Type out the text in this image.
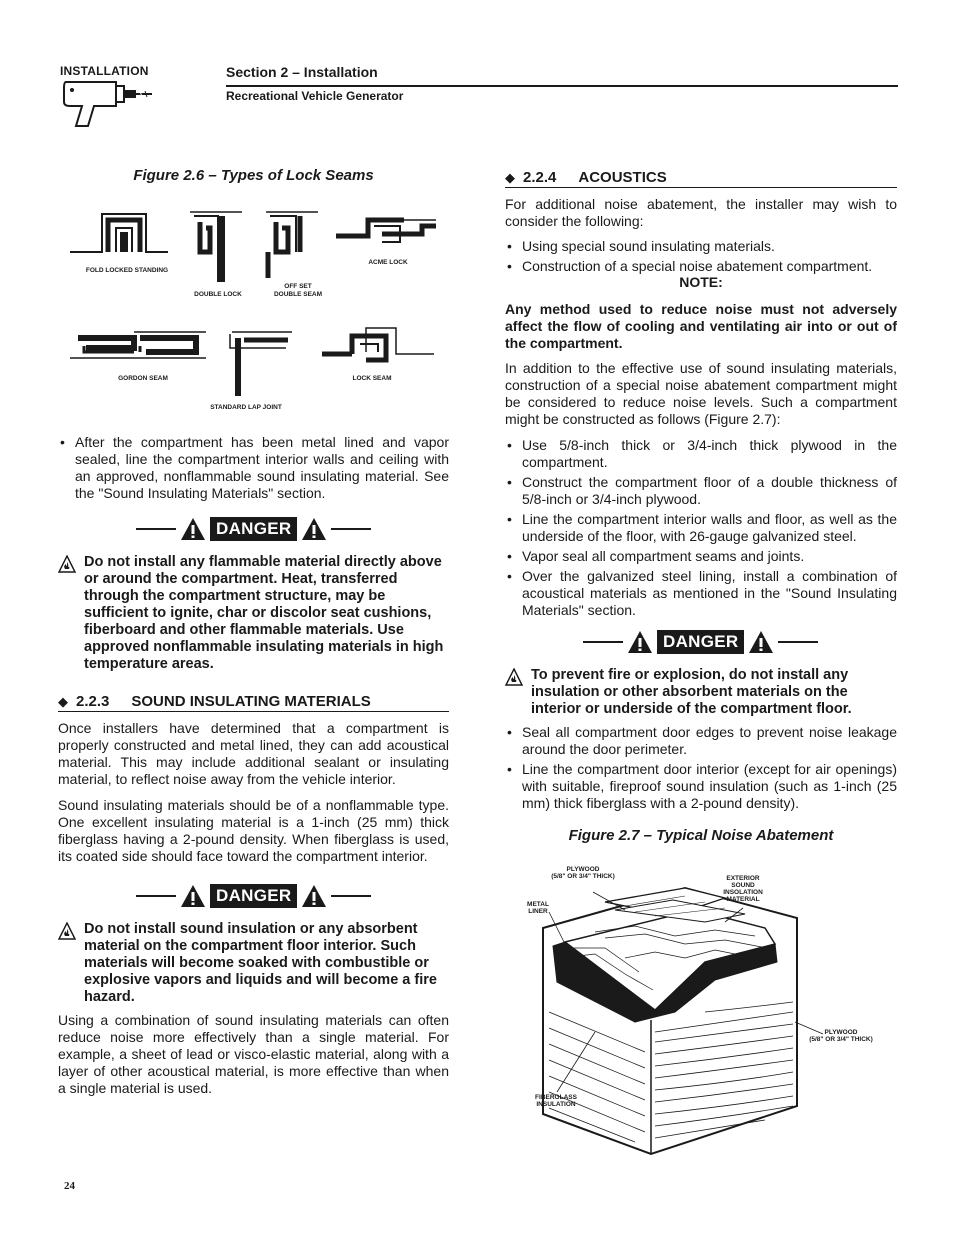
INSTALLATION	Section 2 – Installation
Recreational Vehicle Generator
Figure 2.6 – Types of Lock Seams
FOLD LOCKED STANDING
DOUBLE LOCK
OFF SET
DOUBLE SEAM
ACME LOCK
GORDON SEAM
STANDARD LAP JOINT
LOCK SEAM
• After the compartment has been metal lined and vapor sealed, line the compartment interior walls and ceiling with an approved, nonflammable sound insulating material. See the "Sound Insulating Materials" section.
DANGER
Do not install any flammable material directly above or around the compartment. Heat, transferred through the compartment structure, may be sufficient to ignite, char or discolor seat cushions, fiberboard and other flammable materials. Use approved nonflammable insulating materials in high temperature areas.
◆ 2.2.3 SOUND INSULATING MATERIALS

Once installers have determined that a compartment is properly constructed and metal lined, they can add acoustical material. This may include additional sealant or insulating material, to reflect noise away from the vehicle interior.

Sound insulating materials should be of a nonflammable type. One excellent insulating material is a 1-inch (25 mm) thick fiberglass having a 2-pound density. When fiberglass is used, its coated side should face toward the compartment interior.

DANGER
Do not install sound insulation or any absorbent material on the compartment floor interior. Such materials will become soaked with combustible or explosive vapors and liquids and will become a fire hazard.

Using a combination of sound insulating materials can often reduce noise more effectively than a single material. For example, a sheet of lead or visco-elastic material, along with a layer of other acoustical material, is more effective than when a single material is used.

◆ 2.2.4 ACOUSTICS

For additional noise abatement, the installer may wish to consider the following:

• Using special sound insulating materials.
• Construction of a special noise abatement compartment.
NOTE:

Any method used to reduce noise must not adversely affect the flow of cooling and ventilating air into or out of the compartment.

In addition to the effective use of sound insulating materials, construction of a special noise abatement compartment might be considered to reduce noise levels. Such a compartment might be constructed as follows (Figure 2.7):

• Use 5/8-inch thick or 3/4-inch thick plywood in the compartment.
• Construct the compartment floor of a double thickness of 5/8-inch or 3/4-inch plywood.
• Line the compartment interior walls and floor, as well as the underside of the floor, with 26-gauge galvanized steel.
• Vapor seal all compartment seams and joints.
• Over the galvanized steel lining, install a combination of acoustical materials as mentioned in the "Sound Insulating Materials" section.
DANGER
To prevent fire or explosion, do not install any insulation or other absorbent materials on the interior or underside of the compartment floor.
• Seal all compartment door edges to prevent noise leakage around the door perimeter.
• Line the compartment door interior (except for air openings) with suitable, fireproof sound insulation (such as 1-inch (25 mm) thick fiberglass with a 2-pound density).
Figure 2.7 – Typical Noise Abatement
PLYWOOD
(5/8" OR 3/4" THICK)
METAL
LINER
EXTERIOR
SOUND
INSOLATION
MATERIAL
PLYWOOD
(5/8" OR 3/4" THICK)
FIBERGLASS
INSULATION
24
